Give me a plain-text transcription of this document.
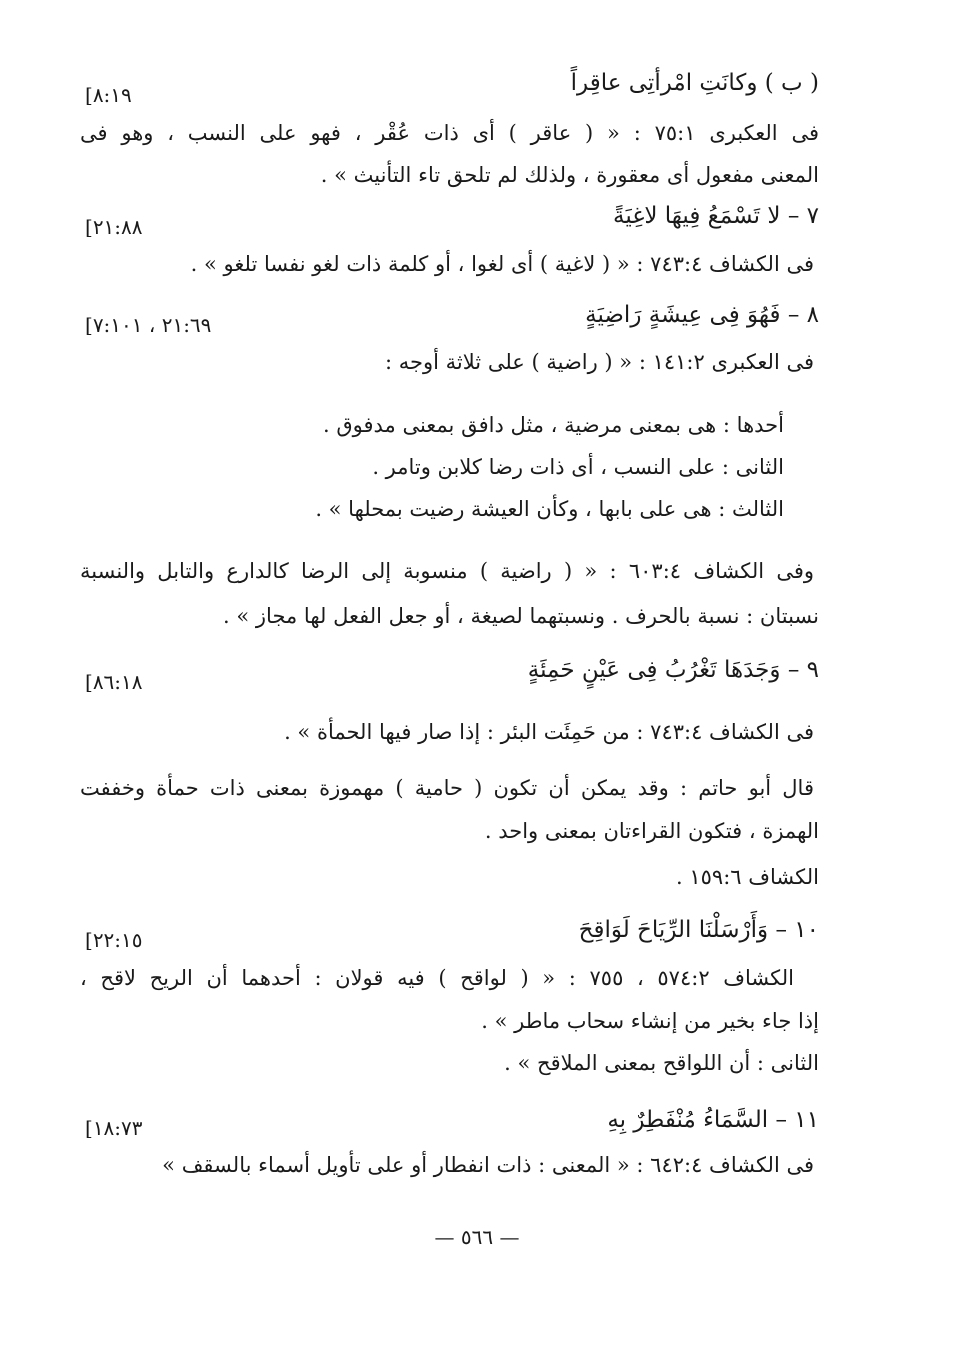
( ب ) وكانَتِ امْرأتِى عاقِراً
[٨:١٩
فى العكبرى ٧٥:١ : « ( عاقر ) أى ذات عُقْر ، فهو على النسب ، وهو فى
المعنى مفعول أى معقورة ، ولذلك لم تلحق تاء التأنيث » .
٧ – لا تَسْمَعُ فِيهَا لاغِيَةً
[٢١:٨٨
فى الكشاف ٧٤٣:٤ : « ( لاغية ) أى لغوا ، أو كلمة ذات لغو نفسا تلغو » .
٨ – فَهُوَ فِى عِيشَةٍ رَاضِيَةٍ
[٢١:٦٩ ، ٧:١٠١
فى العكبرى ١٤١:٢ : « ( راضية ) على ثلاثة أوجه :
أحدها : هى بمعنى مرضية ، مثل دافق بمعنى مدفوق .
الثانى : على النسب ، أى ذات رضا كلابن وتامر .
الثالث : هى على بابها ، وكأن العيشة رضيت بمحلها » .
وفى الكشاف ٦٠٣:٤ : « ( راضية ) منسوبة إلى الرضا كالدارع والتابل والنسبة
نسبتان : نسبة بالحرف . ونسبتهما لصيغة ، أو جعل الفعل لها مجاز » .
٩ – وَجَدَهَا تَغْرُبُ فِى عَيْنٍ حَمِئَةٍ
[٨٦:١٨
فى الكشاف ٧٤٣:٤ : من حَمِئَت البئر : إذا صار فيها الحمأة » .
قال أبو حاتم : وقد يمكن أن تكون ( حامية ) مهموزة بمعنى ذات حمأة وخففت
الهمزة ، فتكون القراءتان بمعنى واحد .
الكشاف ١٥٩:٦ .
١٠ – وَأَرْسَلْنَا الرِّيَاحَ لَوَاقِحَ
[٢٢:١٥
الكشاف ٥٧٤:٢ ، ٧٥٥ : « ( لواقح ) فيه قولان : أحدهما أن الريح لاقح ،
إذا جاء بخير من إنشاء سحاب ماطر » .
الثانى : أن اللواقح بمعنى الملاقح » .
١١ – السَّمَاءُ مُنْفَطِرٌ بِهِ
[١٨:٧٣
فى الكشاف ٦٤٢:٤ : « المعنى : ذات انفطار أو على تأويل أسماء بالسقف »
— ٥٦٦ —
